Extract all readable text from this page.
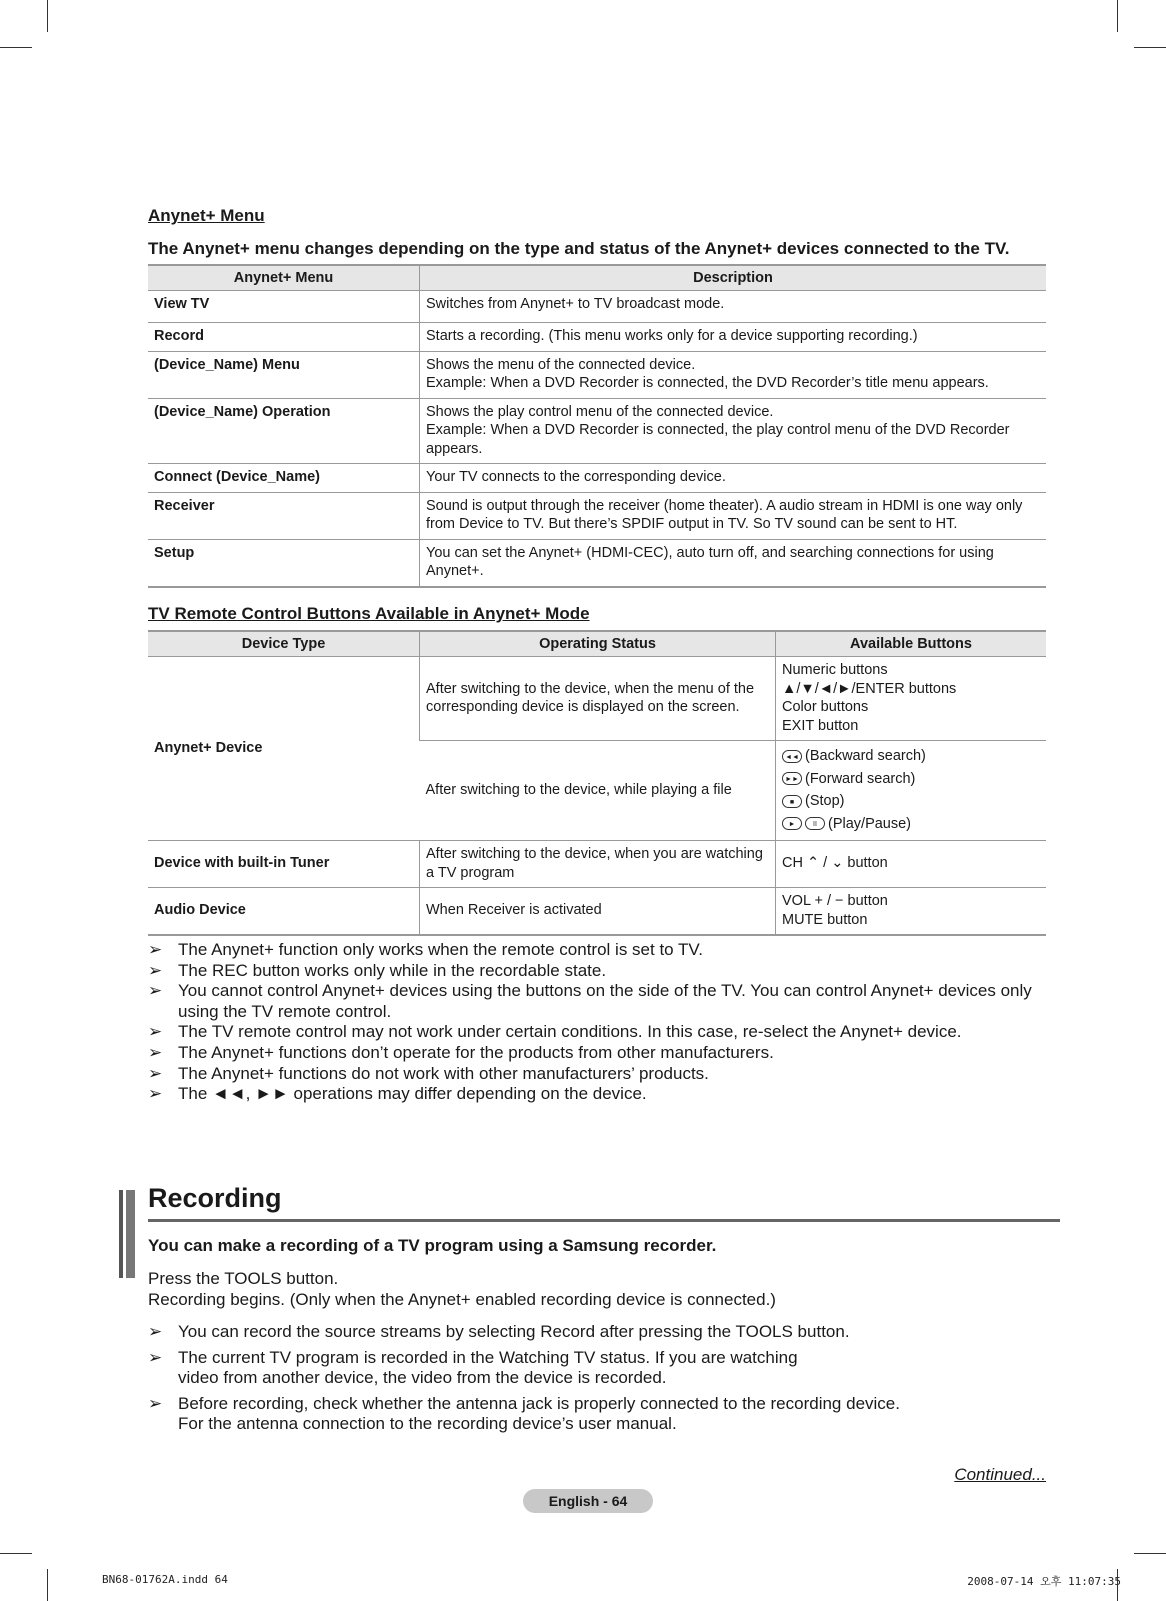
Anynet+ Menu

The Anynet+ menu changes depending on the type and status of the Anynet+ devices connected to the TV.

Anynet+ Menu	Description
View TV	Switches from Anynet+ to TV broadcast mode.
Record	Starts a recording. (This menu works only for a device supporting recording.)
(Device_Name) Menu	Shows the menu of the connected device.
Example: When a DVD Recorder is connected, the DVD Recorder’s title menu appears.
(Device_Name) Operation	Shows the play control menu of the connected device.
Example: When a DVD Recorder is connected, the play control menu of the DVD Recorder appears.
Connect (Device_Name)	Your TV connects to the corresponding device.
Receiver	Sound is output through the receiver (home theater). A audio stream in HDMI is one way only from Device to TV. But there’s SPDIF output in TV. So TV sound can be sent to HT.
Setup	You can set the Anynet+ (HDMI-CEC), auto turn off, and searching connections for using Anynet+.
TV Remote Control Buttons Available in Anynet+ Mode
Device Type	Operating Status	Available Buttons
Anynet+ Device	After switching to the device, when the menu of the corresponding device is displayed on the screen.	Numeric buttons
▲/▼/◄/►/ENTER buttons
Color buttons
EXIT button

	After switching to the device, while playing a file	◄◄ (Backward search)
►► (Forward search)
■ (Stop)
► II (Play/Pause)

Device with built-in Tuner	After switching to the device, when you are watching a TV program	CH ⌃ / ⌄ button
Audio Device	When Receiver is activated	VOL + / − button
MUTE button
➢ The Anynet+ function only works when the remote control is set to TV.
➢ The REC button works only while in the recordable state.
➢ You cannot control Anynet+ devices using the buttons on the side of the TV. You can control Anynet+ devices only using the TV remote control.
➢ The TV remote control may not work under certain conditions. In this case, re-select the Anynet+ device.
➢ The Anynet+ functions don’t operate for the products from other manufacturers.
➢ The Anynet+ functions do not work with other manufacturers’ products.
➢ The ◄◄, ►► operations may differ depending on the device.
Recording

You can make a recording of a TV program using a Samsung recorder.

Press the TOOLS button.
Recording begins. (Only when the Anynet+ enabled recording device is connected.)
➢ You can record the source streams by selecting Record after pressing the TOOLS button.
➢ The current TV program is recorded in the Watching TV status. If you are watching
video from another device, the video from the device is recorded.
➢ Before recording, check whether the antenna jack is properly connected to the recording device.
For the antenna connection to the recording device’s user manual.
Continued...
English - 64
BN68-01762A.indd 64	2008-07-14 오후 11:07:35
